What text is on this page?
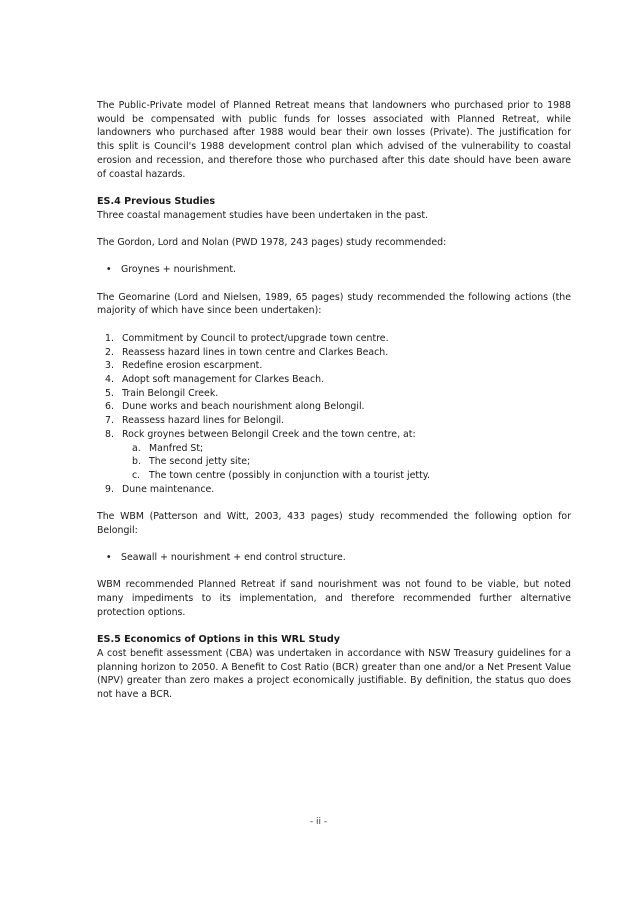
The Public-Private model of Planned Retreat means that landowners who purchased prior to 1988 would be compensated with public funds for losses associated with Planned Retreat, while landowners who purchased after 1988 would bear their own losses (Private). The justification for this split is Council's 1988 development control plan which advised of the vulnerability to coastal erosion and recession, and therefore those who purchased after this date should have been aware of coastal hazards.

ES.4 Previous Studies

Three coastal management studies have been undertaken in the past.

The Gordon, Lord and Nolan (PWD 1978, 243 pages) study recommended:

• Groynes + nourishment.

The Geomarine (Lord and Nielsen, 1989, 65 pages) study recommended the following actions (the majority of which have since been undertaken):

1. Commitment by Council to protect/upgrade town centre.
2. Reassess hazard lines in town centre and Clarkes Beach.
3. Redefine erosion escarpment.
4. Adopt soft management for Clarkes Beach.
5. Train Belongil Creek.
6. Dune works and beach nourishment along Belongil.
7. Reassess hazard lines for Belongil.
8. Rock groynes between Belongil Creek and the town centre, at:
a. Manfred St;
b. The second jetty site;
c. The town centre (possibly in conjunction with a tourist jetty.
9. Dune maintenance.

The WBM (Patterson and Witt, 2003, 433 pages) study recommended the following option for Belongil:

• Seawall + nourishment + end control structure.

WBM recommended Planned Retreat if sand nourishment was not found to be viable, but noted many impediments to its implementation, and therefore recommended further alternative protection options.

ES.5 Economics of Options in this WRL Study

A cost benefit assessment (CBA) was undertaken in accordance with NSW Treasury guidelines for a planning horizon to 2050. A Benefit to Cost Ratio (BCR) greater than one and/or a Net Present Value (NPV) greater than zero makes a project economically justifiable. By definition, the status quo does not have a BCR.

- ii -
